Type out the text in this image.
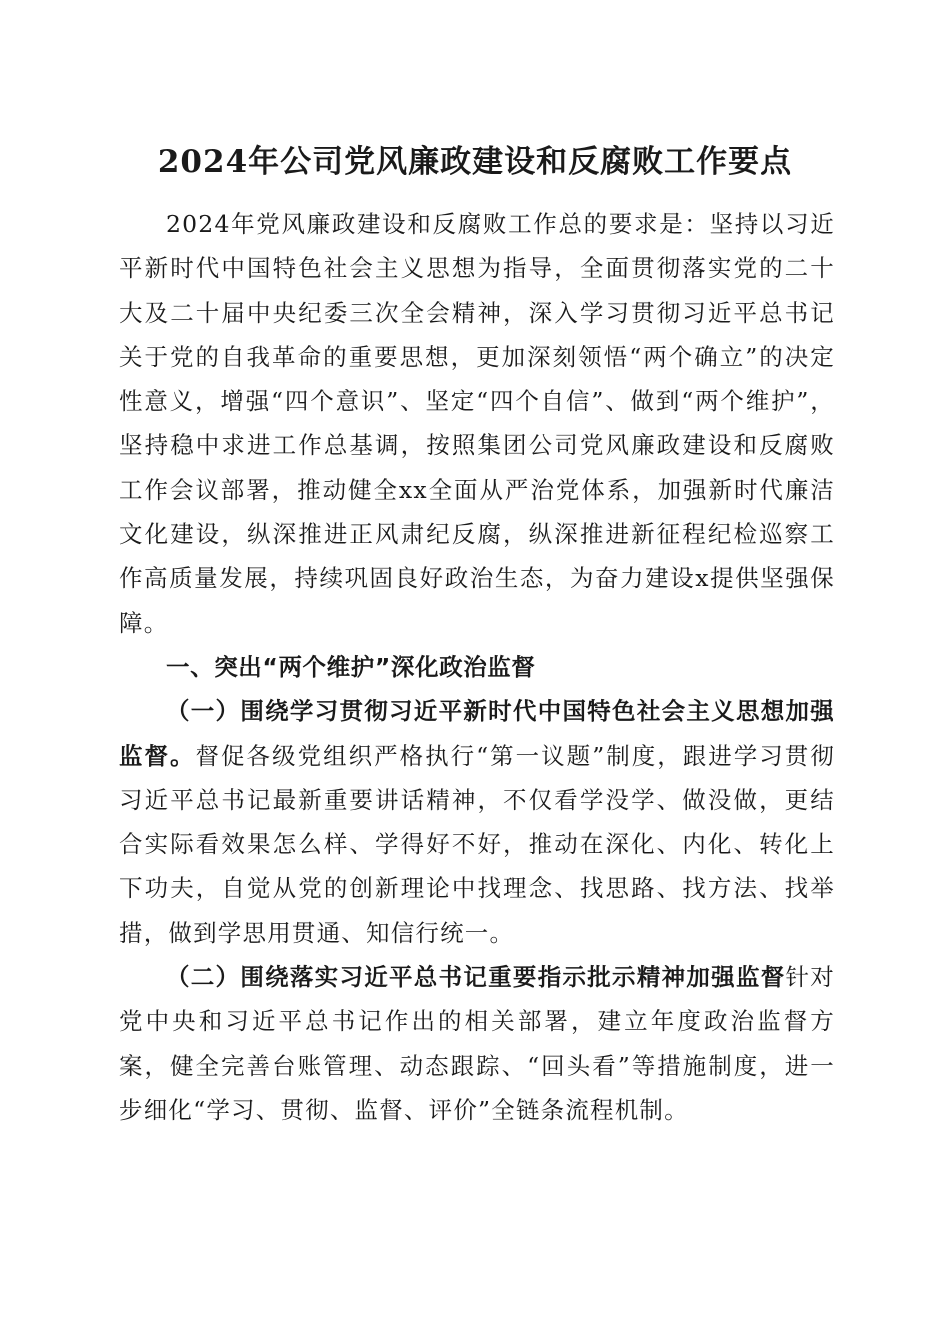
2024年公司党风廉政建设和反腐败工作要点

2024年党风廉政建设和反腐败工作总的要求是：坚持以习近平新时代中国特色社会主义思想为指导，全面贯彻落实党的二十大及二十届中央纪委三次全会精神，深入学习贯彻习近平总书记关于党的自我革命的重要思想，更加深刻领悟“两个确立”的决定性意义，增强“四个意识”、坚定“四个自信”、做到“两个维护”，坚持稳中求进工作总基调，按照集团公司党风廉政建设和反腐败工作会议部署，推动健全xx全面从严治党体系，加强新时代廉洁文化建设，纵深推进正风肃纪反腐，纵深推进新征程纪检巡察工作高质量发展，持续巩固良好政治生态，为奋力建设x提供坚强保障。

一、突出“两个维护”深化政治监督

（一）围绕学习贯彻习近平新时代中国特色社会主义思想加强监督。督促各级党组织严格执行“第一议题”制度，跟进学习贯彻习近平总书记最新重要讲话精神，不仅看学没学、做没做，更结合实际看效果怎么样、学得好不好，推动在深化、内化、转化上下功夫，自觉从党的创新理论中找理念、找思路、找方法、找举措，做到学思用贯通、知信行统一。

（二）围绕落实习近平总书记重要指示批示精神加强监督针对党中央和习近平总书记作出的相关部署，建立年度政治监督方案，健全完善台账管理、动态跟踪、“回头看”等措施制度，进一步细化“学习、贯彻、监督、评价”全链条流程机制。
